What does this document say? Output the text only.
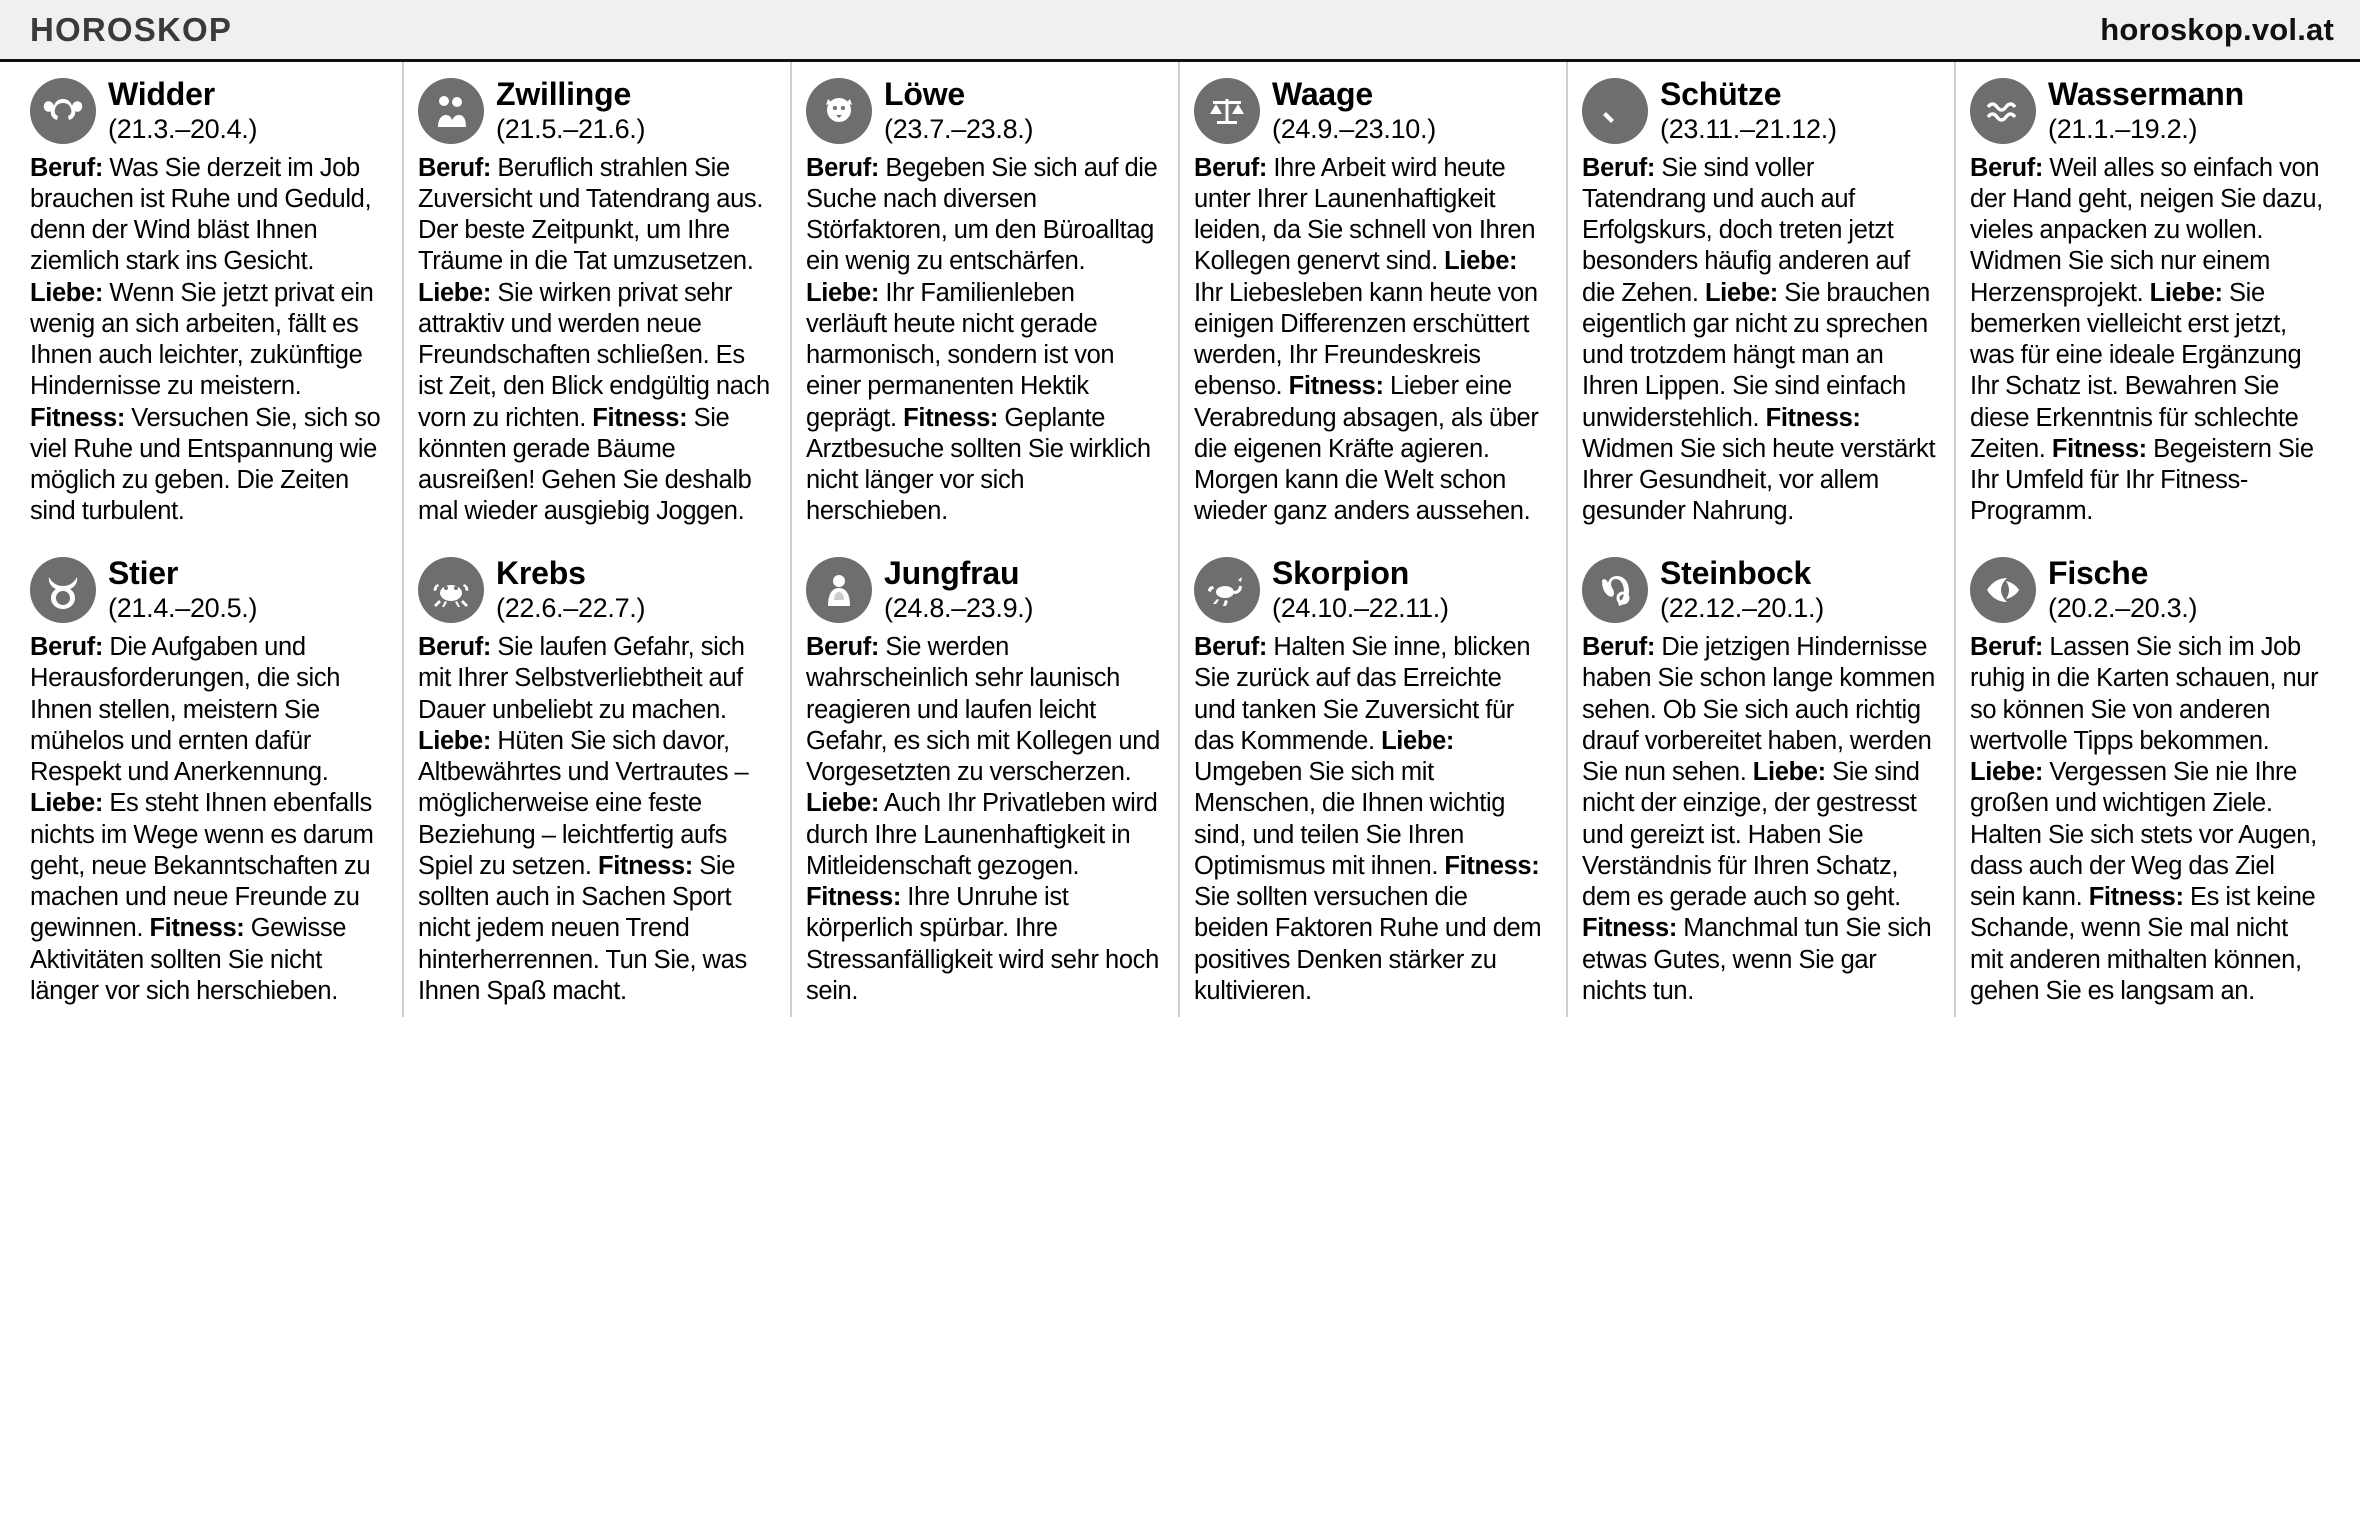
HOROSKOP	horoskop.vol.at
Widder
(21.3.–20.4.)
Beruf: Was Sie derzeit im Job brauchen ist Ruhe und Geduld, denn der Wind bläst Ihnen ziemlich stark ins Gesicht. Liebe: Wenn Sie jetzt privat ein wenig an sich arbeiten, fällt es Ihnen auch leichter, zukünftige Hindernisse zu meistern. Fitness: Versuchen Sie, sich so viel Ruhe und Entspannung wie möglich zu geben. Die Zeiten sind turbulent.
Zwillinge
(21.5.–21.6.)
Beruf: Beruflich strahlen Sie Zuversicht und Tatendrang aus. Der beste Zeitpunkt, um Ihre Träume in die Tat umzusetzen. Liebe: Sie wirken privat sehr attraktiv und werden neue Freundschaften schließen. Es ist Zeit, den Blick endgültig nach vorn zu richten. Fitness: Sie könnten gerade Bäume ausreißen! Gehen Sie deshalb mal wieder ausgiebig Joggen.
Löwe
(23.7.–23.8.)
Beruf: Begeben Sie sich auf die Suche nach diversen Störfaktoren, um den Büroalltag ein wenig zu entschärfen. Liebe: Ihr Familienleben verläuft heute nicht gerade harmonisch, sondern ist von einer permanenten Hektik geprägt. Fitness: Geplante Arztbesuche sollten Sie wirklich nicht länger vor sich herschieben.
Waage
(24.9.–23.10.)
Beruf: Ihre Arbeit wird heute unter Ihrer Launenhaftigkeit leiden, da Sie schnell von Ihren Kollegen genervt sind. Liebe: Ihr Liebesleben kann heute von einigen Differenzen erschüttert werden, Ihr Freundeskreis ebenso. Fitness: Lieber eine Verabredung absagen, als über die eigenen Kräfte agieren. Morgen kann die Welt schon wieder ganz anders aussehen.
Schütze
(23.11.–21.12.)
Beruf: Sie sind voller Tatendrang und auch auf Erfolgskurs, doch treten jetzt besonders häufig anderen auf die Zehen. Liebe: Sie brauchen eigentlich gar nicht zu sprechen und trotzdem hängt man an Ihren Lippen. Sie sind einfach unwiderstehlich. Fitness: Widmen Sie sich heute verstärkt Ihrer Gesundheit, vor allem gesunder Nahrung.
Wassermann
(21.1.–19.2.)
Beruf: Weil alles so einfach von der Hand geht, neigen Sie dazu, vieles anpacken zu wollen. Widmen Sie sich nur einem Herzensprojekt. Liebe: Sie bemerken vielleicht erst jetzt, was für eine ideale Ergänzung Ihr Schatz ist. Bewahren Sie diese Erkenntnis für schlechte Zeiten. Fitness: Begeistern Sie Ihr Umfeld für Ihr Fitness-Programm.
Stier
(21.4.–20.5.)
Beruf: Die Aufgaben und Herausforderungen, die sich Ihnen stellen, meistern Sie mühelos und ernten dafür Respekt und Anerkennung. Liebe: Es steht Ihnen ebenfalls nichts im Wege wenn es darum geht, neue Bekanntschaften zu machen und neue Freunde zu gewinnen. Fitness: Gewisse Aktivitäten sollten Sie nicht länger vor sich herschieben.
Krebs
(22.6.–22.7.)
Beruf: Sie laufen Gefahr, sich mit Ihrer Selbstverliebtheit auf Dauer unbeliebt zu machen. Liebe: Hüten Sie sich davor, Altbewährtes und Vertrautes – möglicherweise eine feste Beziehung – leichtfertig aufs Spiel zu setzen. Fitness: Sie sollten auch in Sachen Sport nicht jedem neuen Trend hinterherrennen. Tun Sie, was Ihnen Spaß macht.
Jungfrau
(24.8.–23.9.)
Beruf: Sie werden wahrscheinlich sehr launisch reagieren und laufen leicht Gefahr, es sich mit Kollegen und Vorgesetzten zu verscherzen. Liebe: Auch Ihr Privatleben wird durch Ihre Launenhaftigkeit in Mitleidenschaft gezogen. Fitness: Ihre Unruhe ist körperlich spürbar. Ihre Stressanfälligkeit wird sehr hoch sein.
Skorpion
(24.10.–22.11.)
Beruf: Halten Sie inne, blicken Sie zurück auf das Erreichte und tanken Sie Zuversicht für das Kommende. Liebe: Umgeben Sie sich mit Menschen, die Ihnen wichtig sind, und teilen Sie Ihren Optimismus mit ihnen. Fitness: Sie sollten versuchen die beiden Faktoren Ruhe und dem positives Denken stärker zu kultivieren.
Steinbock
(22.12.–20.1.)
Beruf: Die jetzigen Hindernisse haben Sie schon lange kommen sehen. Ob Sie sich auch richtig drauf vorbereitet haben, werden Sie nun sehen. Liebe: Sie sind nicht der einzige, der gestresst und gereizt ist. Haben Sie Verständnis für Ihren Schatz, dem es gerade auch so geht. Fitness: Manchmal tun Sie sich etwas Gutes, wenn Sie gar nichts tun.
Fische
(20.2.–20.3.)
Beruf: Lassen Sie sich im Job ruhig in die Karten schauen, nur so können Sie von anderen wertvolle Tipps bekommen. Liebe: Vergessen Sie nie Ihre großen und wichtigen Ziele. Halten Sie sich stets vor Augen, dass auch der Weg das Ziel sein kann. Fitness: Es ist keine Schande, wenn Sie mal nicht mit anderen mithalten können, gehen Sie es langsam an.
